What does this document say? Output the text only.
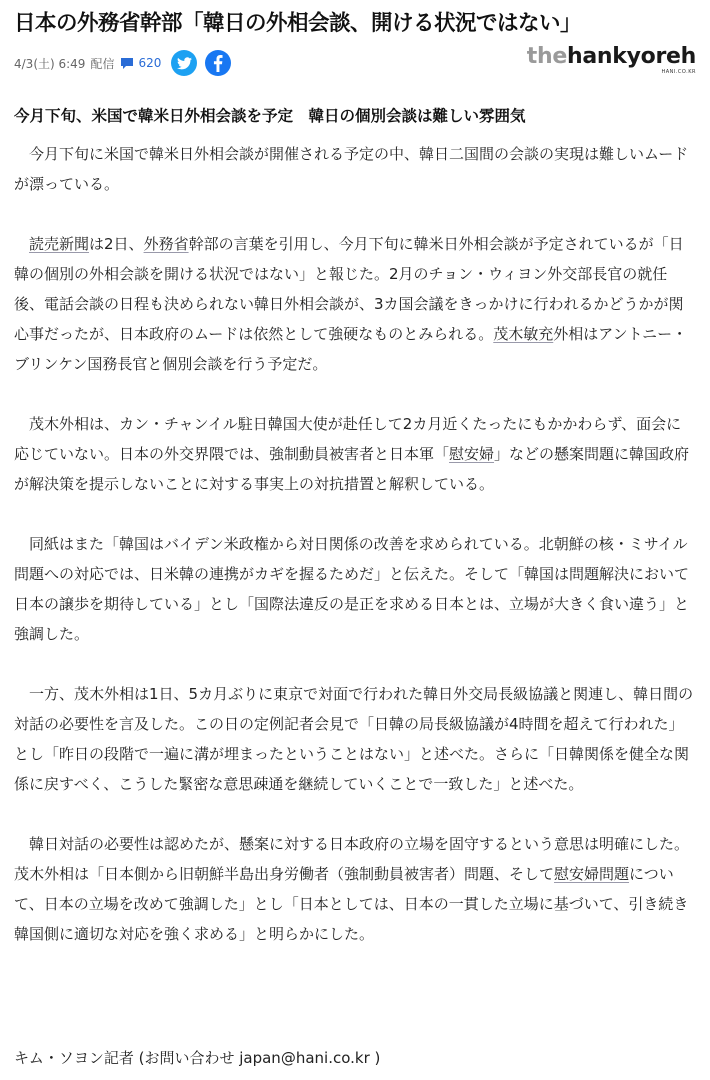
日本の外務省幹部「韓日の外相会談、開ける状況ではない」
4/3(土) 6:49 配信 620	thehankyoreh
HANI.CO.KR
今月下旬、米国で韓米日外相会談を予定　韓日の個別会談は難しい雰囲気

今月下旬に米国で韓米日外相会談が開催される予定の中、韓日二国間の会談の実現は難しいムードが漂っている。

読売新聞は2日、外務省幹部の言葉を引用し、今月下旬に韓米日外相会談が予定されているが「日韓の個別の外相会談を開ける状況ではない」と報じた。2月のチョン・ウィヨン外交部長官の就任後、電話会談の日程も決められない韓日外相会談が、3カ国会議をきっかけに行われるかどうかが関心事だったが、日本政府のムードは依然として強硬なものとみられる。茂木敏充外相はアントニー・ブリンケン国務長官と個別会談を行う予定だ。

茂木外相は、カン・チャンイル駐日韓国大使が赴任して2カ月近くたったにもかかわらず、面会に応じていない。日本の外交界隈では、強制動員被害者と日本軍「慰安婦」などの懸案問題に韓国政府が解決策を提示しないことに対する事実上の対抗措置と解釈している。

同紙はまた「韓国はバイデン米政権から対日関係の改善を求められている。北朝鮮の核・ミサイル問題への対応では、日米韓の連携がカギを握るためだ」と伝えた。そして「韓国は問題解決において日本の譲歩を期待している」とし「国際法違反の是正を求める日本とは、立場が大きく食い違う」と強調した。

一方、茂木外相は1日、5カ月ぶりに東京で対面で行われた韓日外交局長級協議と関連し、韓日間の対話の必要性を言及した。この日の定例記者会見で「日韓の局長級協議が4時間を超えて行われた」とし「昨日の段階で一遍に溝が埋まったということはない」と述べた。さらに「日韓関係を健全な関係に戻すべく、こうした緊密な意思疎通を継続していくことで一致した」と述べた。

韓日対話の必要性は認めたが、懸案に対する日本政府の立場を固守するという意思は明確にした。茂木外相は「日本側から旧朝鮮半島出身労働者（強制動員被害者）問題、そして慰安婦問題について、日本の立場を改めて強調した」とし「日本としては、日本の一貫した立場に基づいて、引き続き韓国側に適切な対応を強く求める」と明らかにした。

キム・ソヨン記者 (お問い合わせ japan@hani.co.kr )
